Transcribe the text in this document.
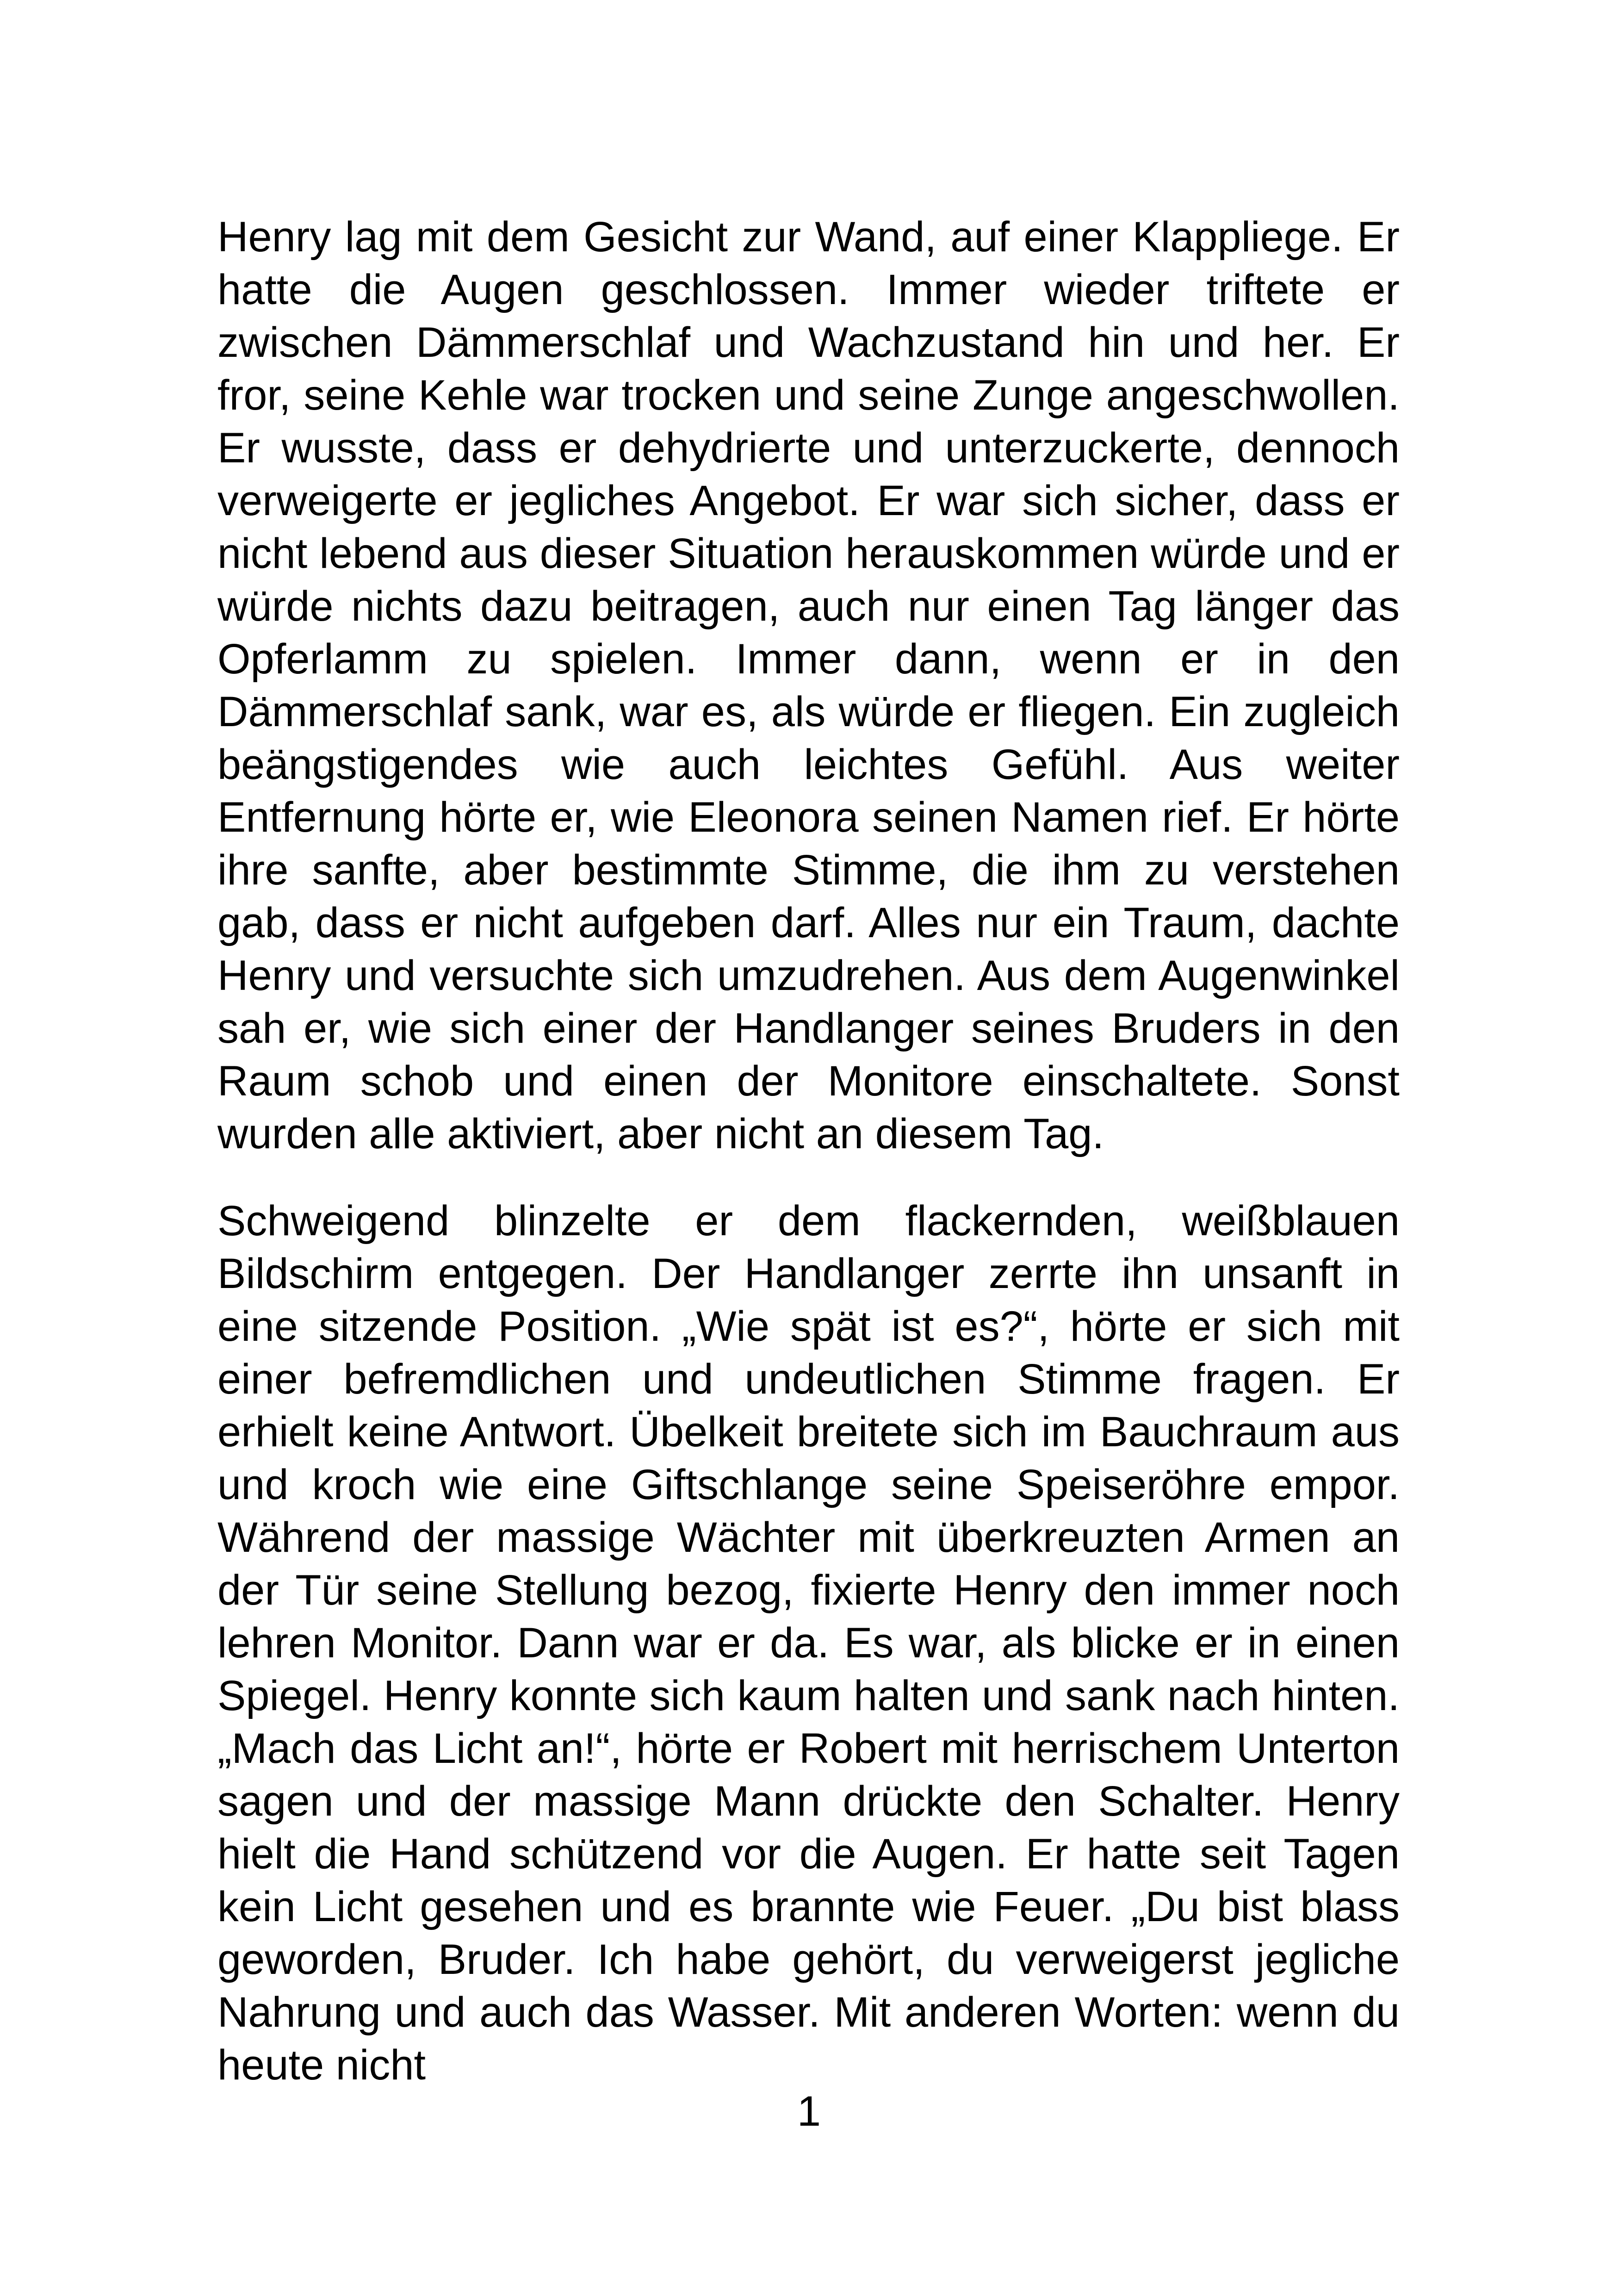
Henry lag mit dem Gesicht zur Wand, auf einer Klappliege. Er hatte die Augen geschlossen. Immer wieder triftete er zwischen Dämmerschlaf und Wachzustand hin und her. Er fror, seine Kehle war trocken und seine Zunge angeschwollen. Er wusste, dass er dehydrierte und unterzuckerte, dennoch verweigerte er jegliches Angebot. Er war sich sicher, dass er nicht lebend aus dieser Situation herauskommen würde und er würde nichts dazu beitragen, auch nur einen Tag länger das Opferlamm zu spielen. Immer dann, wenn er in den Dämmerschlaf sank, war es, als würde er fliegen. Ein zugleich beängstigendes wie auch leichtes Gefühl. Aus weiter Entfernung hörte er, wie Eleonora seinen Namen rief. Er hörte ihre sanfte, aber bestimmte Stimme, die ihm zu verstehen gab, dass er nicht aufgeben darf. Alles nur ein Traum, dachte Henry und versuchte sich umzudrehen. Aus dem Augenwinkel sah er, wie sich einer der Handlanger seines Bruders in den Raum schob und einen der Monitore einschaltete. Sonst wurden alle aktiviert, aber nicht an diesem Tag.

Schweigend blinzelte er dem flackernden, weißblauen Bildschirm entgegen. Der Handlanger zerrte ihn unsanft in eine sitzende Position. „Wie spät ist es?“, hörte er sich mit einer befremdlichen und undeutlichen Stimme fragen. Er erhielt keine Antwort. Übelkeit breitete sich im Bauchraum aus und kroch wie eine Giftschlange seine Speiseröhre empor. Während der massige Wächter mit überkreuzten Armen an der Tür seine Stellung bezog, fixierte Henry den immer noch lehren Monitor. Dann war er da. Es war, als blicke er in einen Spiegel. Henry konnte sich kaum halten und sank nach hinten. „Mach das Licht an!“, hörte er Robert mit herrischem Unterton sagen und der massige Mann drückte den Schalter. Henry hielt die Hand schützend vor die Augen. Er hatte seit Tagen kein Licht gesehen und es brannte wie Feuer. „Du bist blass geworden, Bruder. Ich habe gehört, du verweigerst jegliche Nahrung und auch das Wasser. Mit anderen Worten: wenn du heute nicht

1
